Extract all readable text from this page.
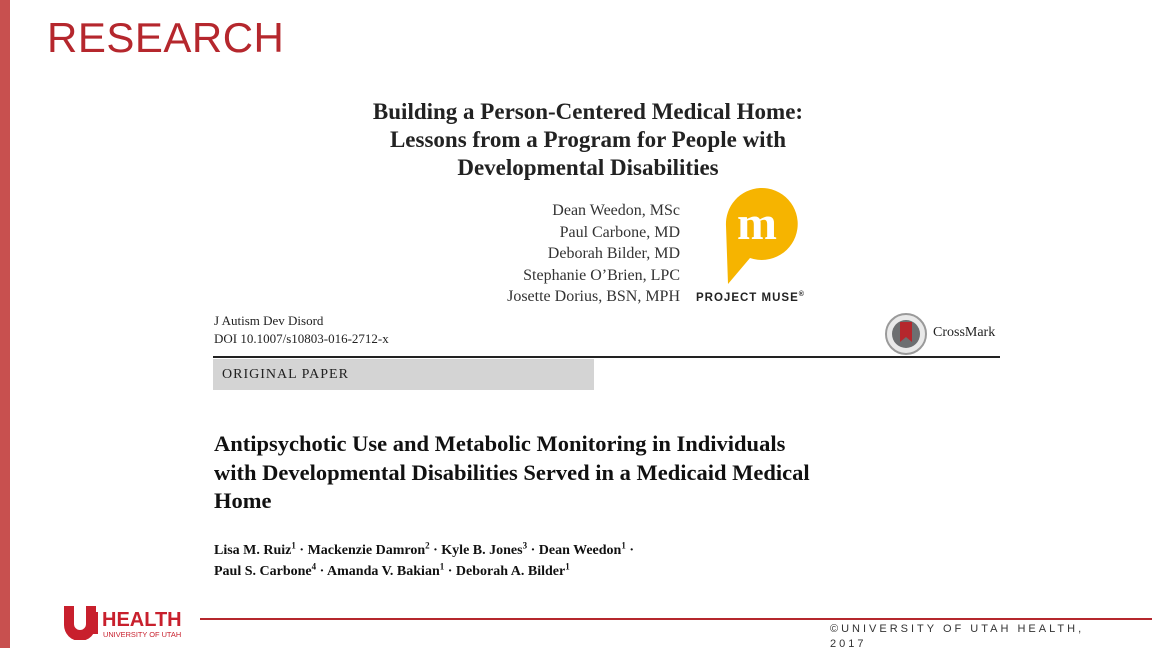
RESEARCH
Building a Person-Centered Medical Home:
Lessons from a Program for People with
Developmental Disabilities
Dean Weedon, MSc
Paul Carbone, MD
Deborah Bilder, MD
Stephanie O’Brien, LPC
Josette Dorius, BSN, MPH
m
PROJECT MUSE®
J Autism Dev Disord
DOI 10.1007/s10803-016-2712-x	CrossMark
ORIGINAL PAPER
Antipsychotic Use and Metabolic Monitoring in Individuals
with Developmental Disabilities Served in a Medicaid Medical
Home
Lisa M. Ruiz$^1$ · Mackenzie Damron$^2$ · Kyle B. Jones$^3$ · Dean Weedon$^1$ ·
Paul S. Carbone$^4$ · Amanda V. Bakian$^1$ · Deborah A. Bilder$^1$
HEALTH
UNIVERSITY OF UTAH	©UNIVERSITY OF UTAH HEALTH,
2017
